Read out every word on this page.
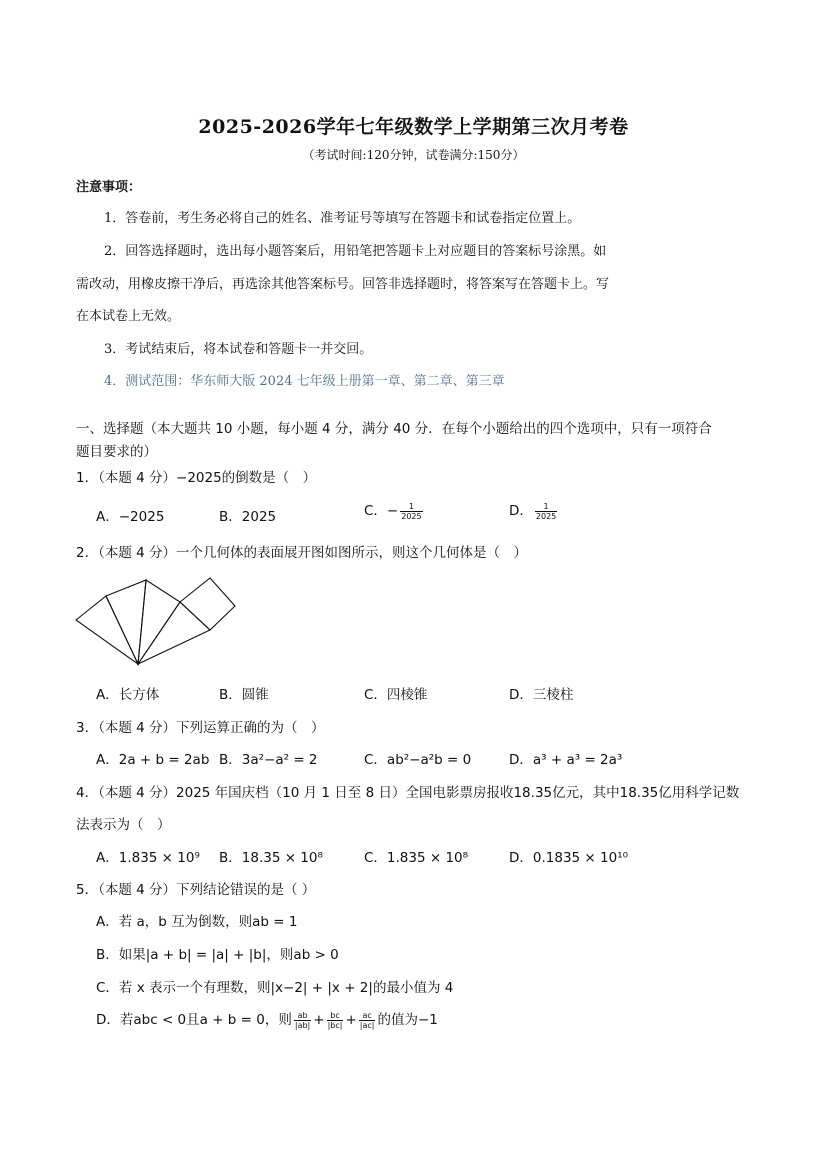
2025-2026学年七年级数学上学期第三次月考卷
（考试时间:120分钟，试卷满分:150分）
注意事项：
1．答卷前，考生务必将自己的姓名、准考证号等填写在答题卡和试卷指定位置上。
2．回答选择题时，选出每小题答案后，用铅笔把答题卡上对应题目的答案标号涂黑。如
需改动，用橡皮擦干净后，再选涂其他答案标号。回答非选择题时，将答案写在答题卡上。写
在本试卷上无效。
3．考试结束后，将本试卷和答题卡一并交回。
4．测试范围：华东师大版 2024 七年级上册第一章、第二章、第三章
一、选择题（本大题共 10 小题，每小题 4 分，满分 40 分．在每个小题给出的四个选项中，只有一项符合
题目要求的）
1．（本题 4 分）−2025的倒数是（　）
A．−2025	B．2025	C．− $\frac{1}{2025}$	D． $\frac{1}{2025}$
2．（本题 4 分）一个几何体的表面展开图如图所示，则这个几何体是（　）
A．长方体	B．圆锥	C．四棱锥	D．三棱柱
3．（本题 4 分）下列运算正确的为（　）
A．2a + b = 2ab B．3a²−a² = 2	C．ab²−a²b = 0	D．a³ + a³ = 2a³
4．（本题 4 分）2025 年国庆档（10 月 1 日至 8 日）全国电影票房报收18.35亿元，其中18.35亿用科学记数
法表示为（　）
A．1.835 × 10⁹ B．18.35 × 10⁸	C．1.835 × 10⁸	D．0.1835 × 10¹⁰
5．（本题 4 分）下列结论错误的是（ ）
A．若 a，b 互为倒数，则ab = 1
B．如果|a + b| = |a| + |b|，则ab > 0
C．若 x 表示一个有理数，则|x−2| + |x + 2|的最小值为 4
D．若abc < 0且a + b = 0，则 $\frac{ab}{|ab|} + \frac{bc}{|bc|} + \frac{ac}{|ac|}$ 的值为−1
